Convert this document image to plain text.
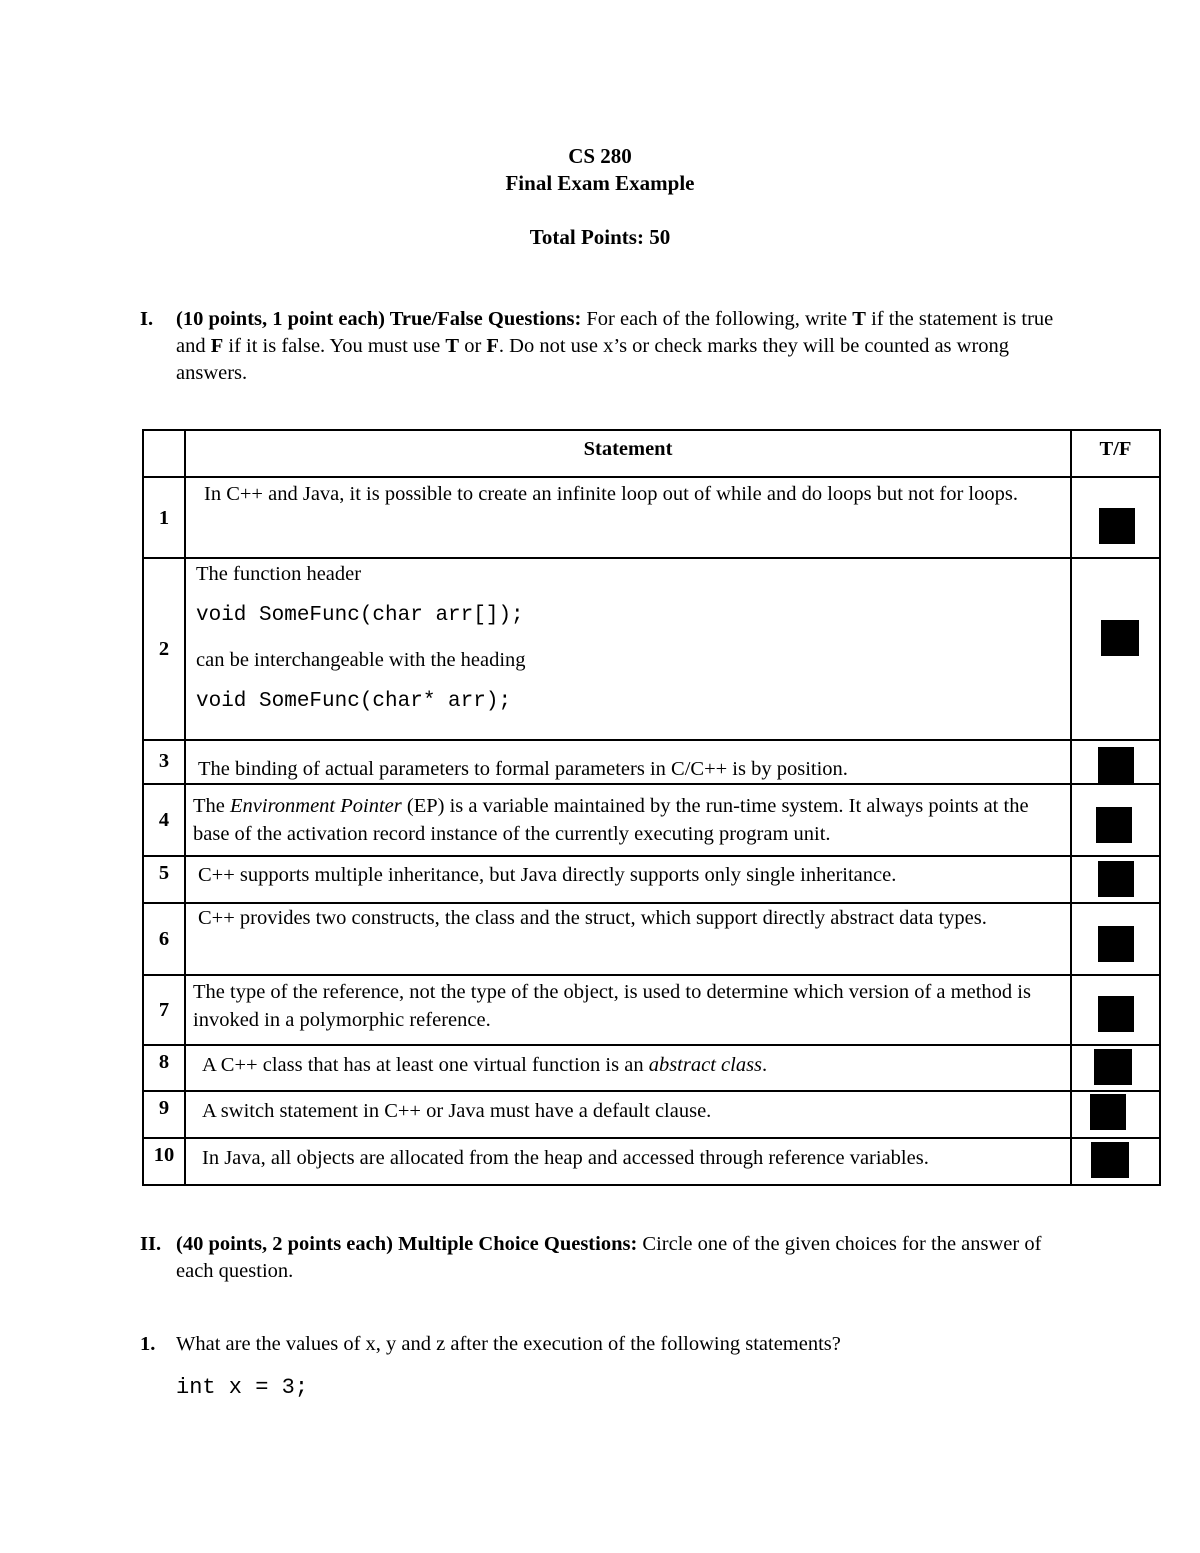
CS 280
Final Exam Example
Total Points: 50
I. (10 points, 1 point each) True/False Questions: For each of the following, write T if the statement is true and F if it is false. You must use T or F. Do not use x’s or check marks they will be counted as wrong answers.
	Statement	T/F
1	In C++ and Java, it is possible to create an infinite loop out of while and do loops but not for loops.	

2	The function header
void SomeFunc(char arr[]);
can be interchangeable with the heading
void SomeFunc(char* arr);	

3	The binding of actual parameters to formal parameters in C/C++ is by position.	

4	The Environment Pointer (EP) is a variable maintained by the run-time system. It always points at the base of the activation record instance of the currently executing program unit.	

5	C++ supports multiple inheritance, but Java directly supports only single inheritance.	

6	C++ provides two constructs, the class and the struct, which support directly abstract data types.	

7	The type of the reference, not the type of the object, is used to determine which version of a method is invoked in a polymorphic reference.	

8	A C++ class that has at least one virtual function is an abstract class.	

9	A switch statement in C++ or Java must have a default clause.	

10	In Java, all objects are allocated from the heap and accessed through reference variables.	
II. (40 points, 2 points each) Multiple Choice Questions: Circle one of the given choices for the answer of each question.
1. What are the values of x, y and z after the execution of the following statements?
int x = 3;
